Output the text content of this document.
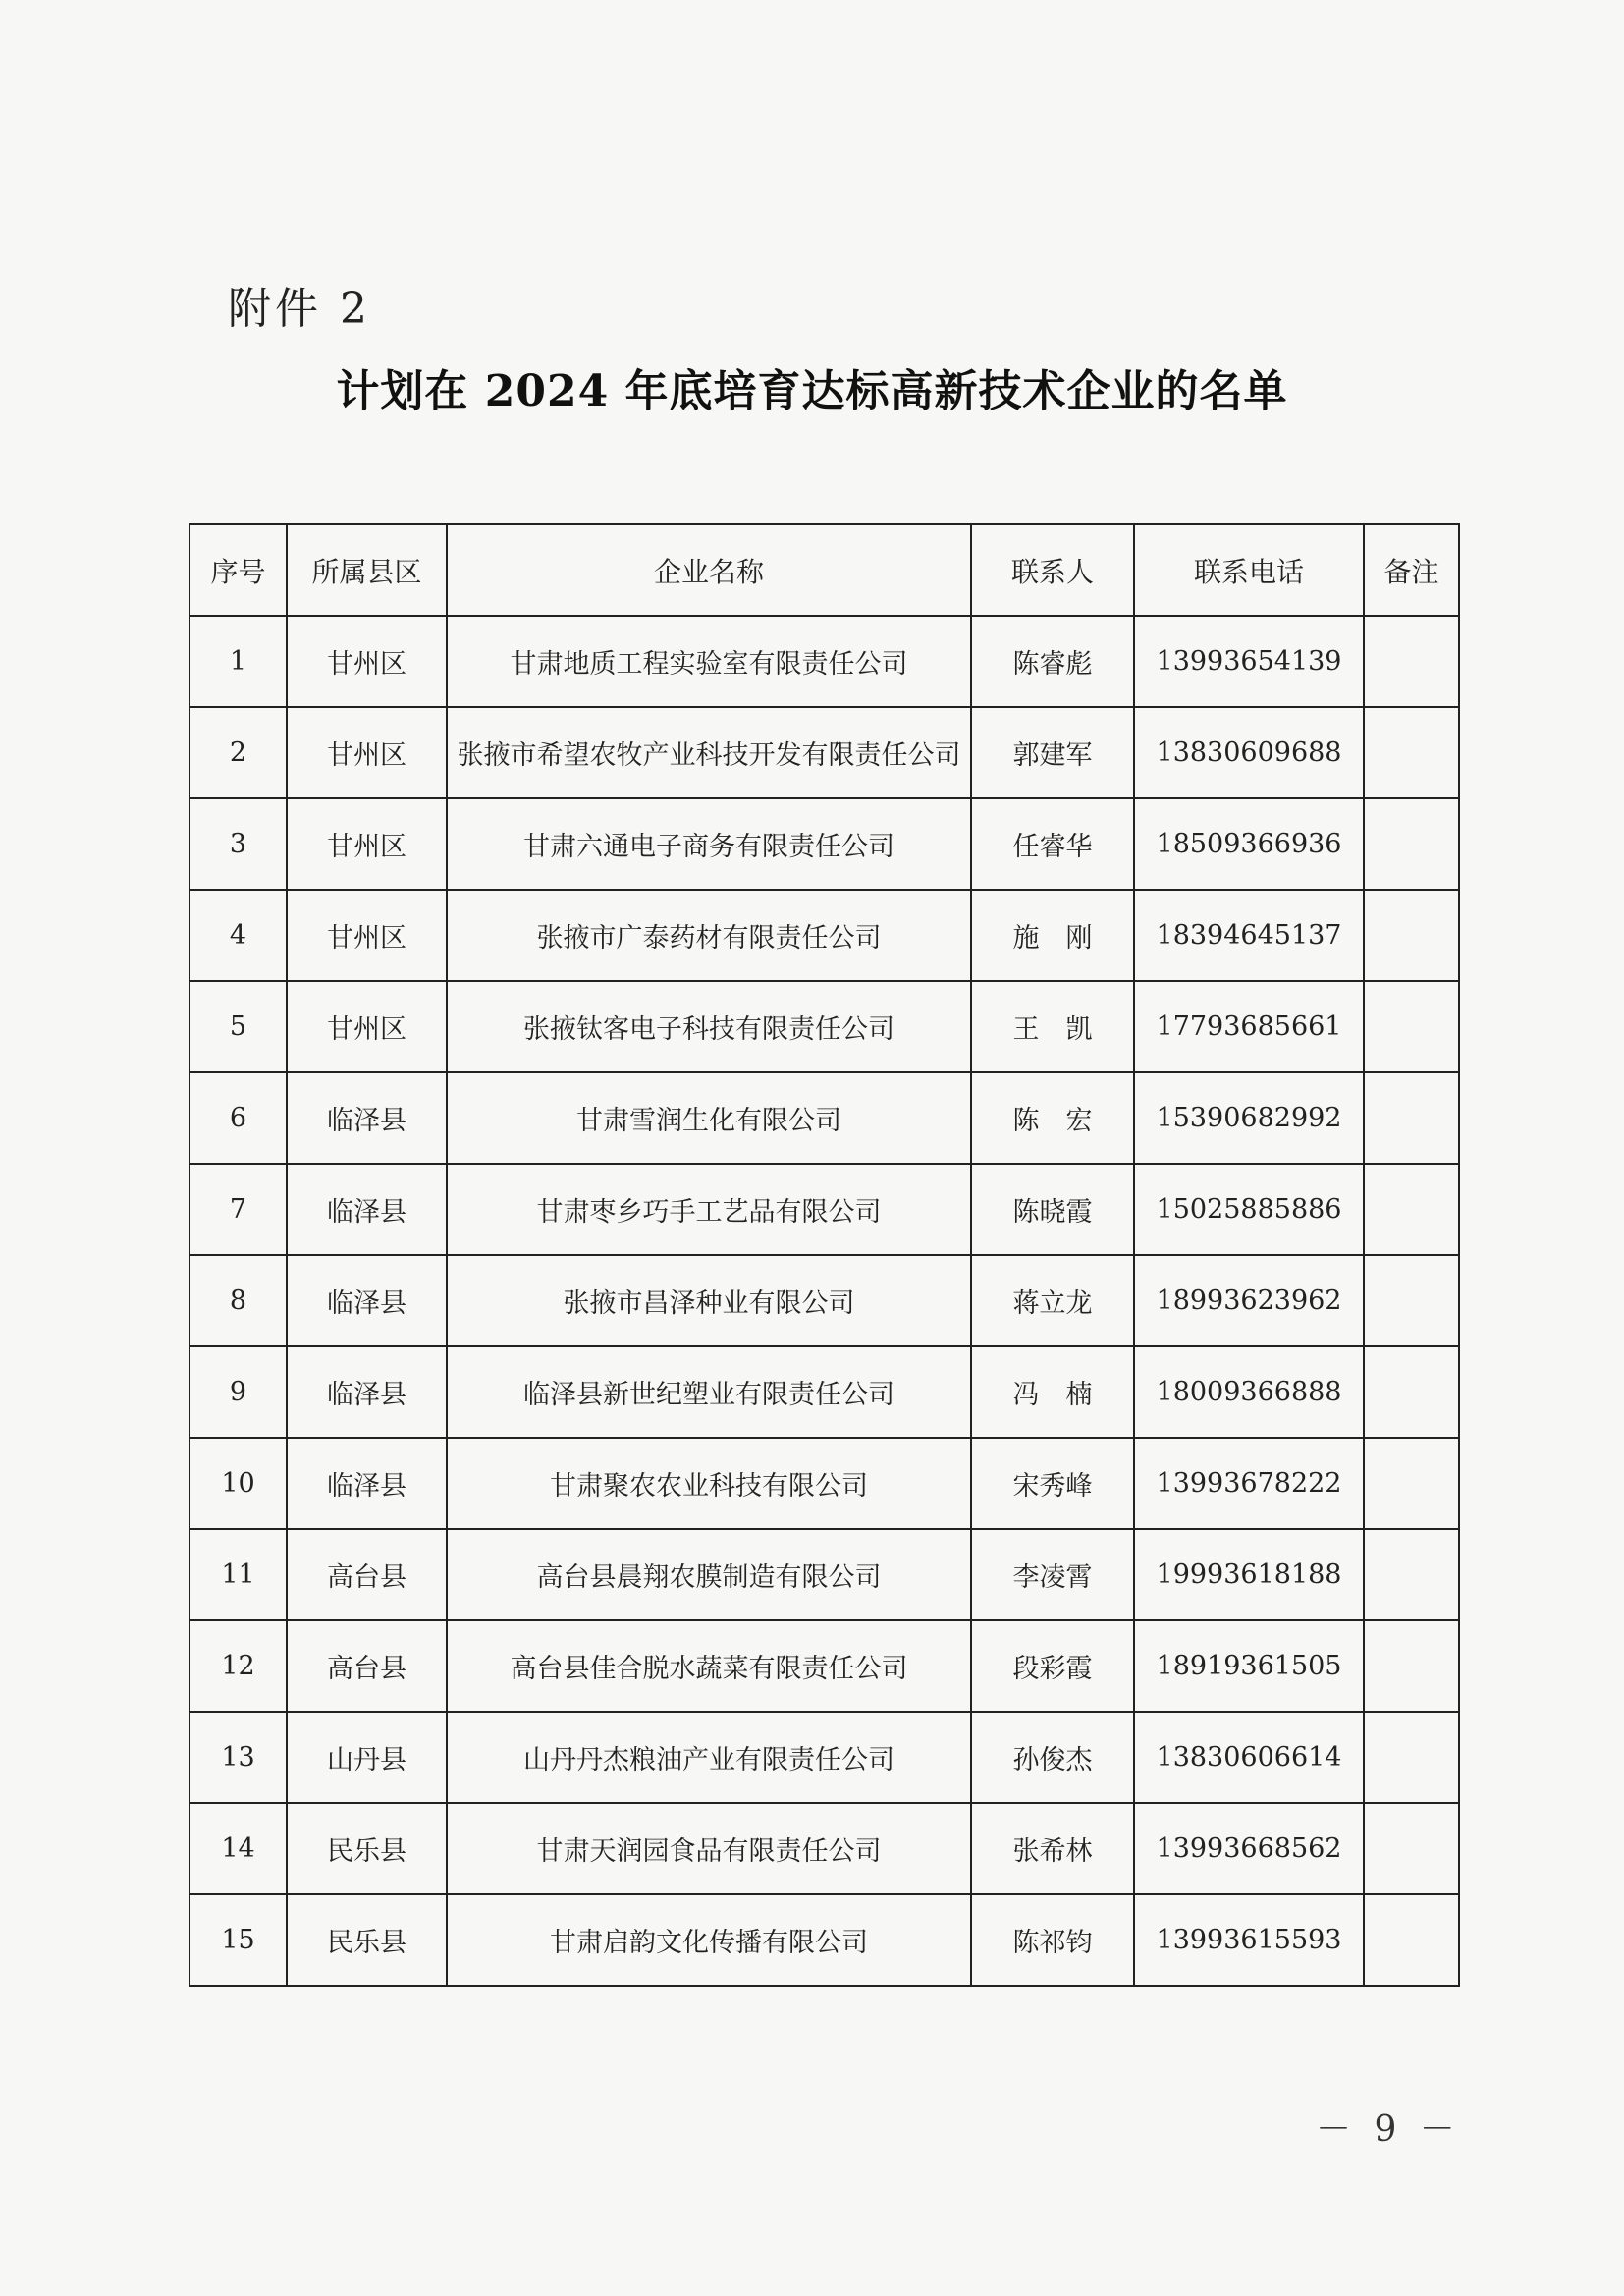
附件 2
计划在 2024 年底培育达标高新技术企业的名单
序号	所属县区	企业名称	联系人	联系电话	备注
1	甘州区	甘肃地质工程实验室有限责任公司	陈睿彪	13993654139	
2	甘州区	张掖市希望农牧产业科技开发有限责任公司	郭建军	13830609688	
3	甘州区	甘肃六通电子商务有限责任公司	任睿华	18509366936	
4	甘州区	张掖市广泰药材有限责任公司	施　刚	18394645137	
5	甘州区	张掖钛客电子科技有限责任公司	王　凯	17793685661	
6	临泽县	甘肃雪润生化有限公司	陈　宏	15390682992	
7	临泽县	甘肃枣乡巧手工艺品有限公司	陈晓霞	15025885886	
8	临泽县	张掖市昌泽种业有限公司	蒋立龙	18993623962	
9	临泽县	临泽县新世纪塑业有限责任公司	冯　楠	18009366888	
10	临泽县	甘肃聚农农业科技有限公司	宋秀峰	13993678222	
11	高台县	高台县晨翔农膜制造有限公司	李凌霄	19993618188	
12	高台县	高台县佳合脱水蔬菜有限责任公司	段彩霞	18919361505	
13	山丹县	山丹丹杰粮油产业有限责任公司	孙俊杰	13830606614	
14	民乐县	甘肃天润园食品有限责任公司	张希林	13993668562	
15	民乐县	甘肃启韵文化传播有限公司	陈祁钧	13993615593	
－ 9 －
